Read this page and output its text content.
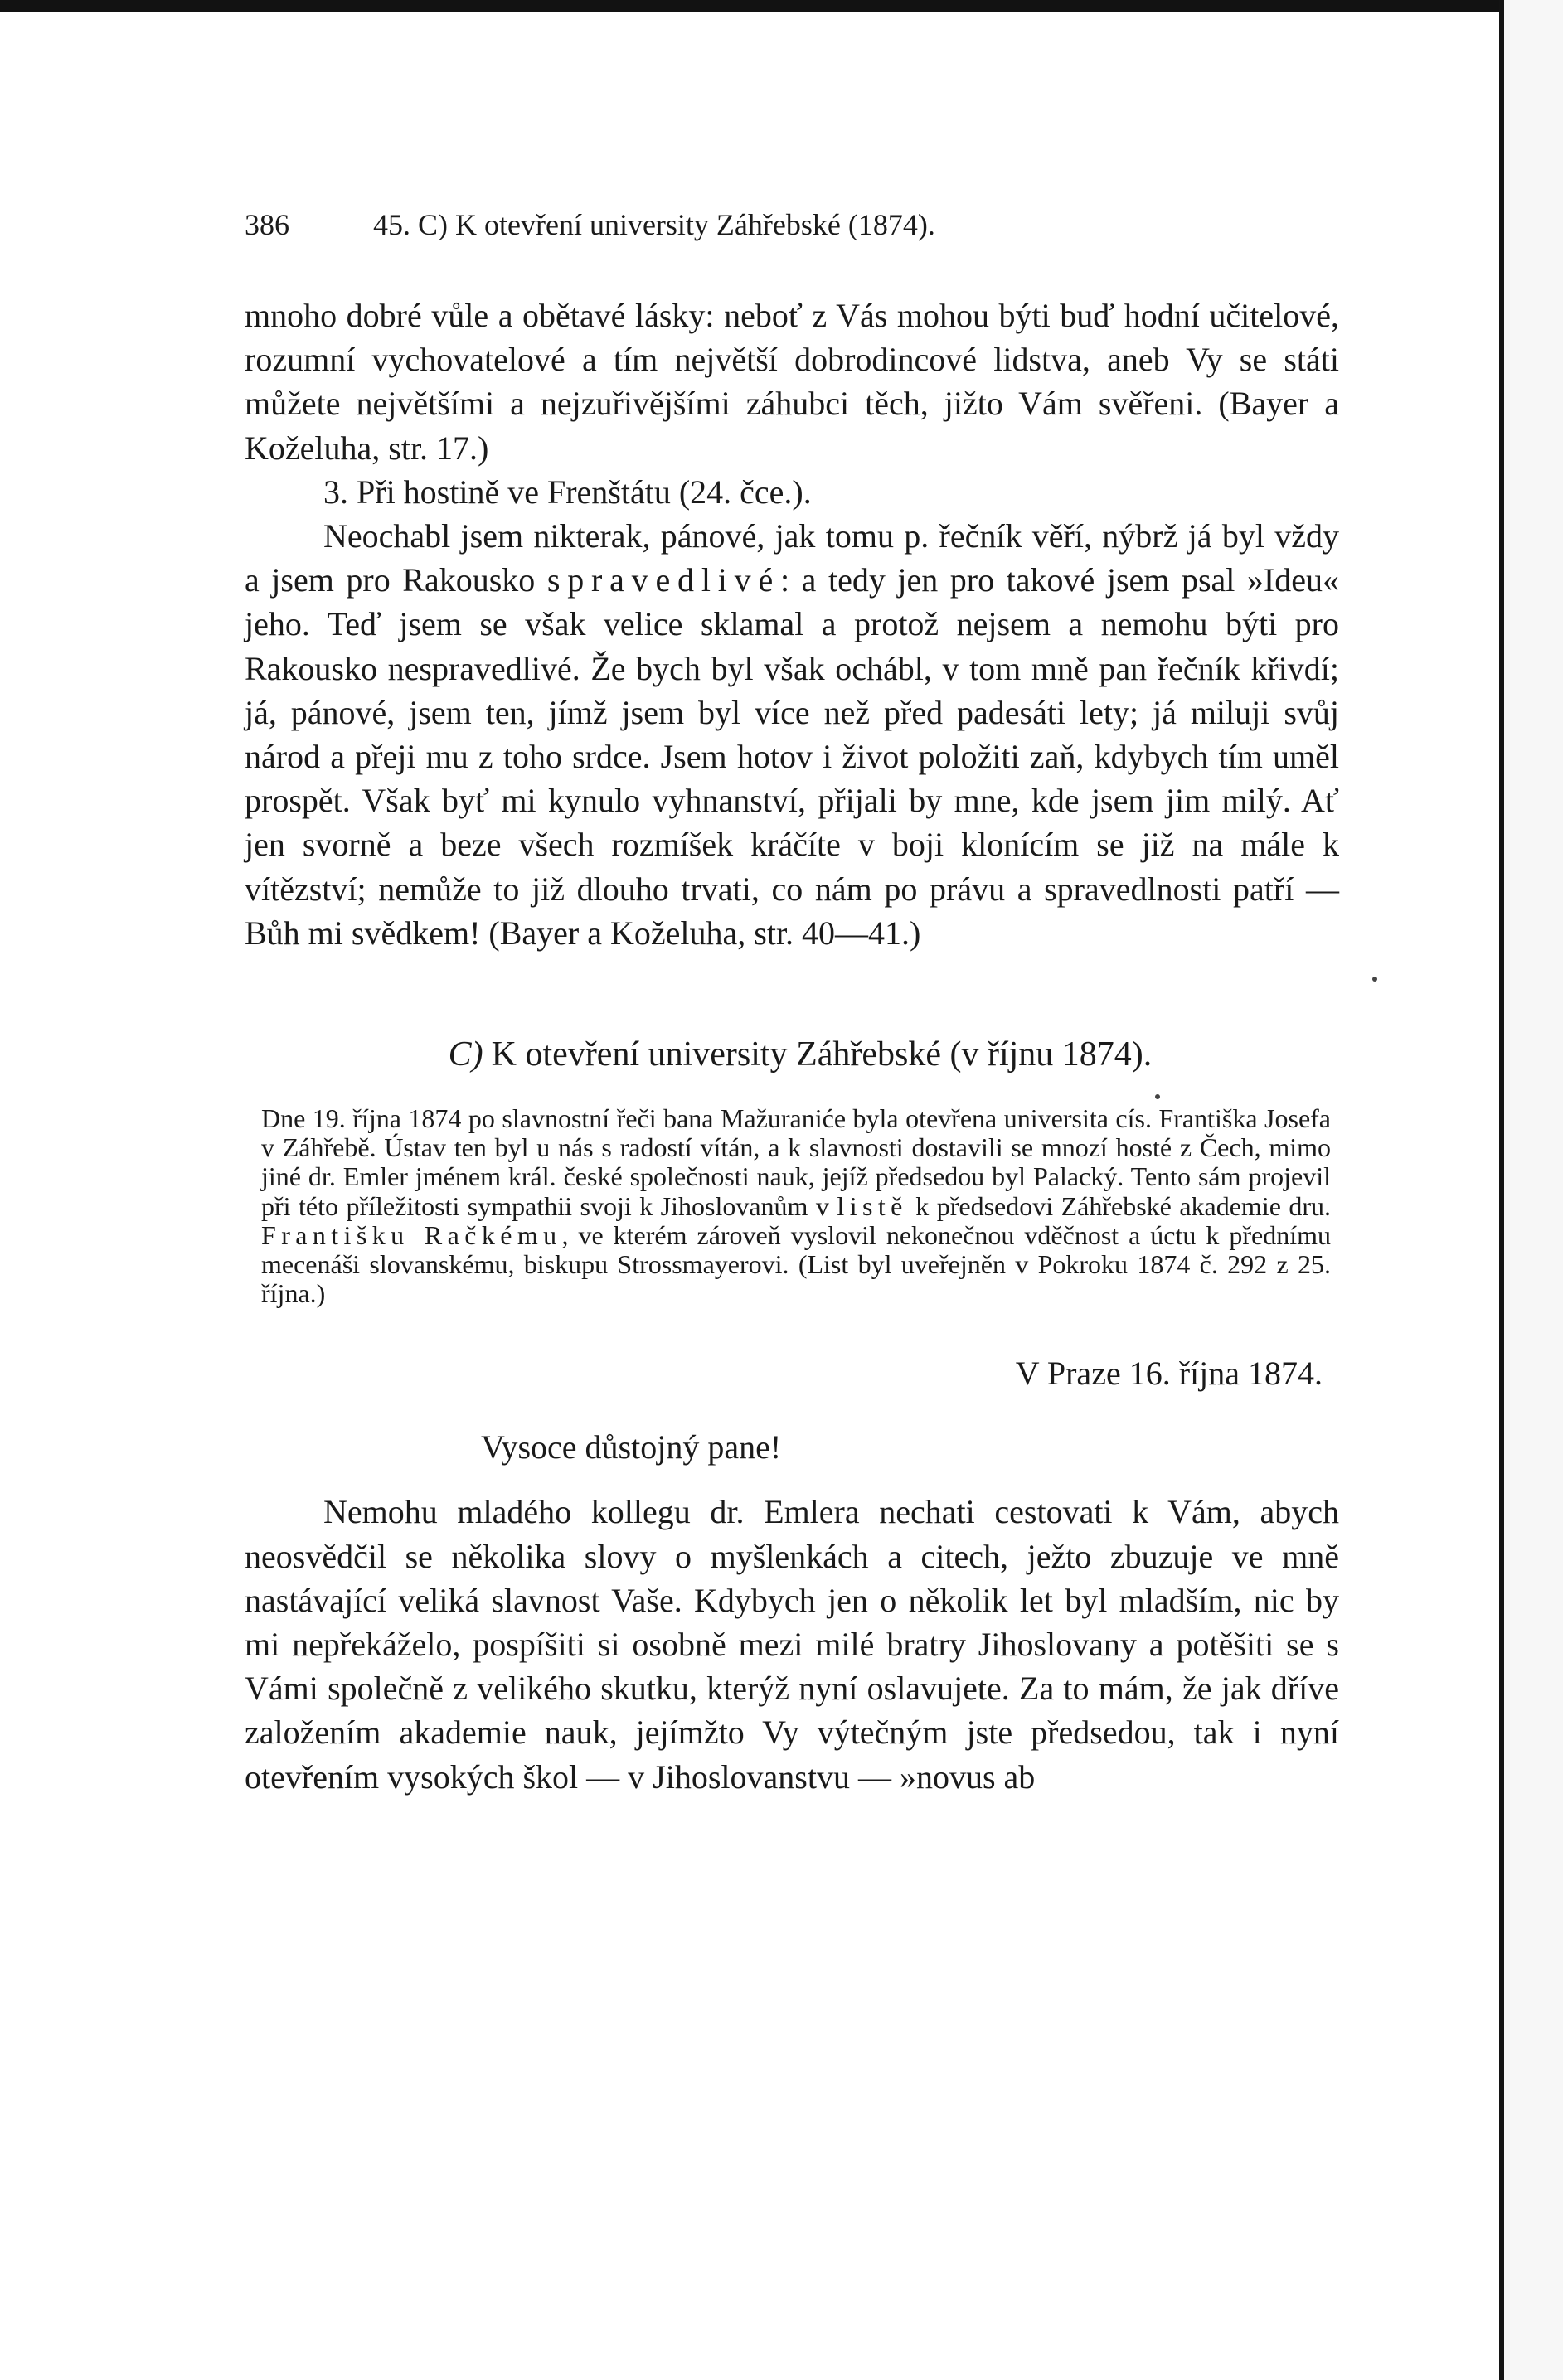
386	45. C) K otevření university Záhřebské (1874).

mnoho dobré vůle a obětavé lásky: neboť z Vás mohou býti buď hodní učitelové, rozumní vychovatelové a tím největší dobrodincové lidstva, aneb Vy se státi můžete největšími a nejzuřivějšími záhubci těch, jižto Vám svěřeni. (Bayer a Koželuha, str. 17.)

3. Při hostině ve Frenštátu (24. čce.).

Neochabl jsem nikterak, pánové, jak tomu p. řečník věří, nýbrž já byl vždy a jsem pro Rakousko spravedlivé: a tedy jen pro takové jsem psal »Ideu« jeho. Teď jsem se však velice sklamal a protož nejsem a nemohu býti pro Rakousko nespravedlivé. Že bych byl však ochábl, v tom mně pan řečník křivdí; já, pánové, jsem ten, jímž jsem byl více než před padesáti lety; já miluji svůj národ a přeji mu z toho srdce. Jsem hotov i život položiti zaň, kdybych tím uměl prospět. Však byť mi kynulo vyhnanství, přijali by mne, kde jsem jim milý. Ať jen svorně a beze všech rozmíšek kráčíte v boji klonícím se již na mále k vítězství; nemůže to již dlouho trvati, co nám po právu a spravedlnosti patří — Bůh mi svědkem! (Bayer a Koželuha, str. 40—41.)

C) K otevření university Záhřebské (v říjnu 1874).
Dne 19. října 1874 po slavnostní řeči bana Mažuraniće byla otevřena universita cís. Františka Josefa v Záhřebě. Ústav ten byl u nás s radostí vítán, a k slavnosti dostavili se mnozí hosté z Čech, mimo jiné dr. Emler jménem král. české společnosti nauk, jejíž předsedou byl Palacký. Tento sám projevil při této příležitosti sympathii svoji k Jihoslovanům v listě k předsedovi Záhřebské akademie dru. Františku Račkému, ve kterém zároveň vyslovil nekonečnou vděčnost a úctu k přednímu mecenáši slovanskému, biskupu Strossmayerovi. (List byl uveřejněn v Pokroku 1874 č. 292 z 25. října.)
V Praze 16. října 1874.
Vysoce důstojný pane!

Nemohu mladého kollegu dr. Emlera nechati cestovati k Vám, abych neosvědčil se několika slovy o myšlenkách a citech, ježto zbuzuje ve mně nastávající veliká slavnost Vaše. Kdybych jen o několik let byl mladším, nic by mi nepřekáželo, pospíšiti si osobně mezi milé bratry Jihoslovany a potěšiti se s Vámi společně z velikého skutku, kterýž nyní oslavujete. Za to mám, že jak dříve založením akademie nauk, jejímžto Vy výtečným jste předsedou, tak i nyní otevřením vysokých škol — v Jihoslovanstvu — »novus ab
